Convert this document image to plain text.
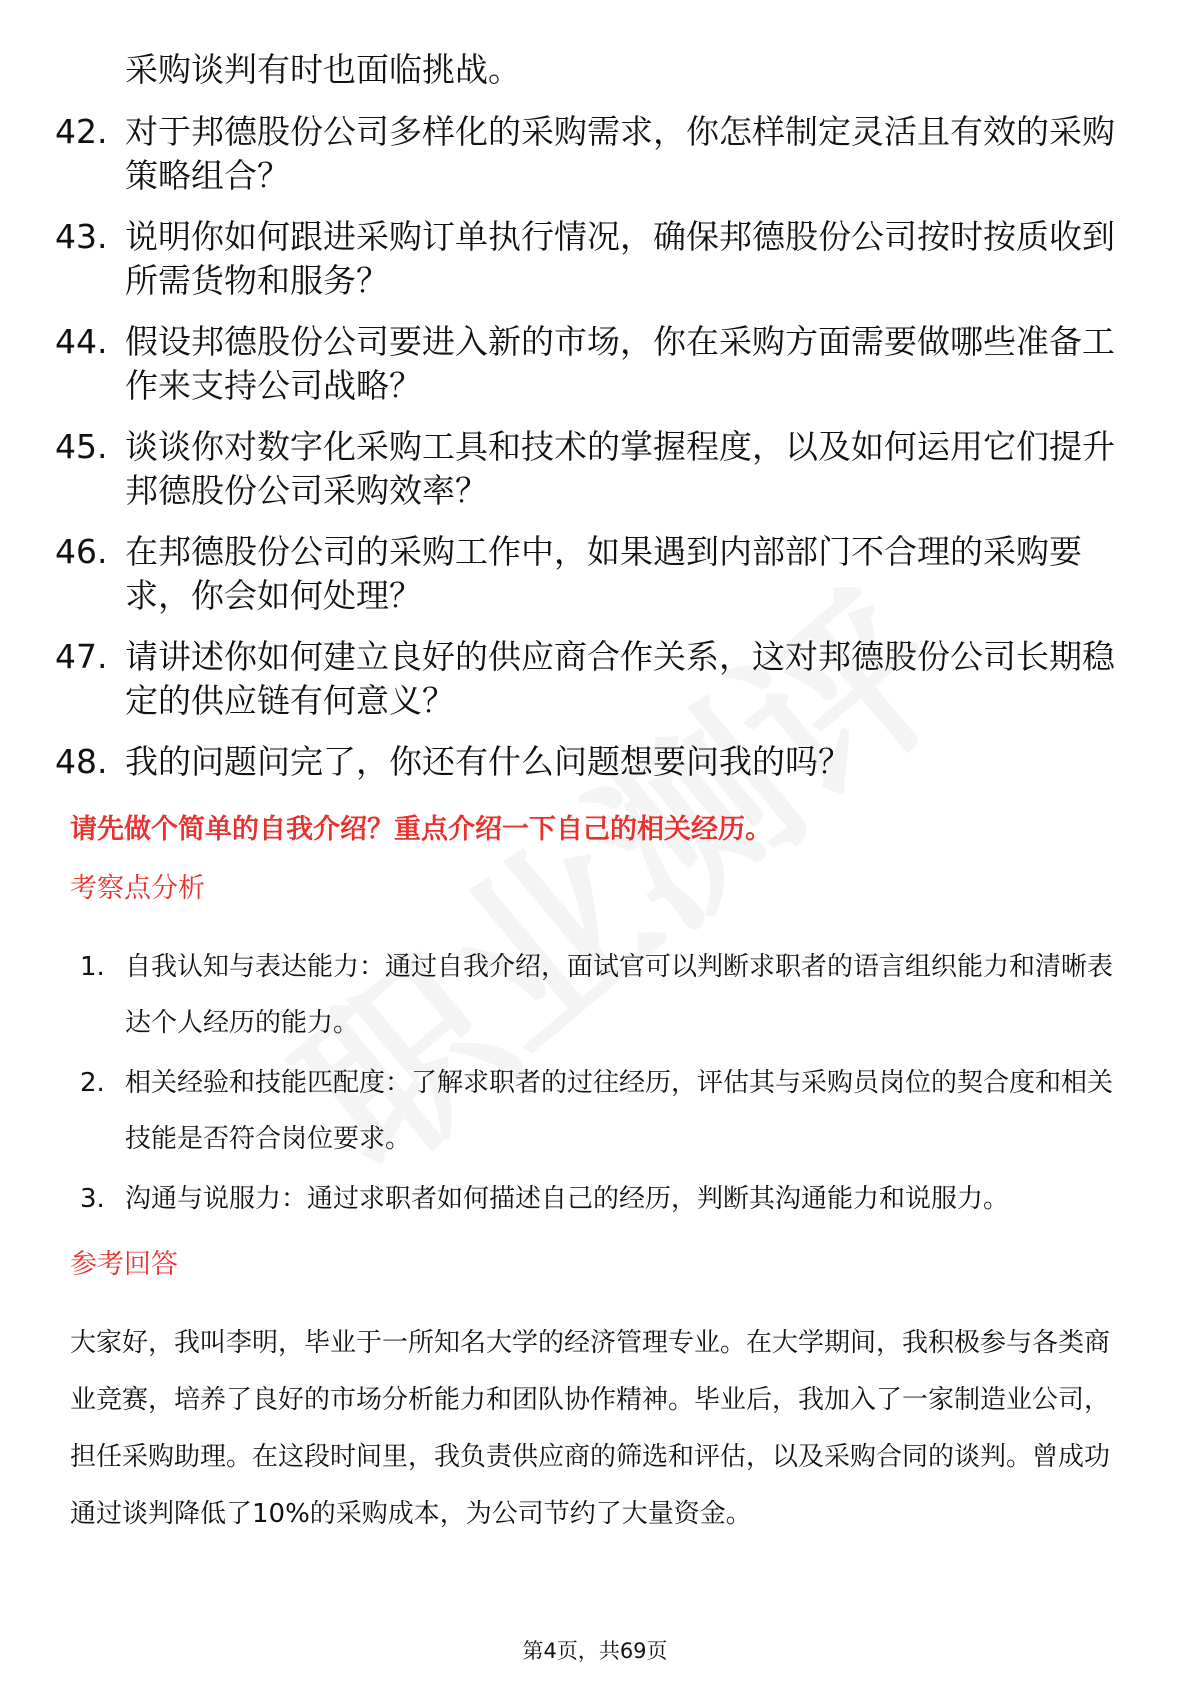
采购谈判有时也面临挑战。
42. 对于邦德股份公司多样化的采购需求，你怎样制定灵活且有效的采购策略组合？
43. 说明你如何跟进采购订单执行情况，确保邦德股份公司按时按质收到所需货物和服务？
44. 假设邦德股份公司要进入新的市场，你在采购方面需要做哪些准备工作来支持公司战略？
45. 谈谈你对数字化采购工具和技术的掌握程度，以及如何运用它们提升邦德股份公司采购效率？
46. 在邦德股份公司的采购工作中，如果遇到内部部门不合理的采购要求，你会如何处理？
47. 请讲述你如何建立良好的供应商合作关系，这对邦德股份公司长期稳定的供应链有何意义？
48. 我的问题问完了，你还有什么问题想要问我的吗？
请先做个简单的自我介绍？重点介绍一下自己的相关经历。
考察点分析
1. 自我认知与表达能力：通过自我介绍，面试官可以判断求职者的语言组织能力和清晰表达个人经历的能力。
2. 相关经验和技能匹配度：了解求职者的过往经历，评估其与采购员岗位的契合度和相关技能是否符合岗位要求。
3. 沟通与说服力：通过求职者如何描述自己的经历，判断其沟通能力和说服力。
参考回答
大家好，我叫李明，毕业于一所知名大学的经济管理专业。在大学期间，我积极参与各类商业竞赛，培养了良好的市场分析能力和团队协作精神。毕业后，我加入了一家制造业公司，担任采购助理。在这段时间里，我负责供应商的筛选和评估，以及采购合同的谈判。曾成功通过谈判降低了10%的采购成本，为公司节约了大量资金。
第4页，共69页
